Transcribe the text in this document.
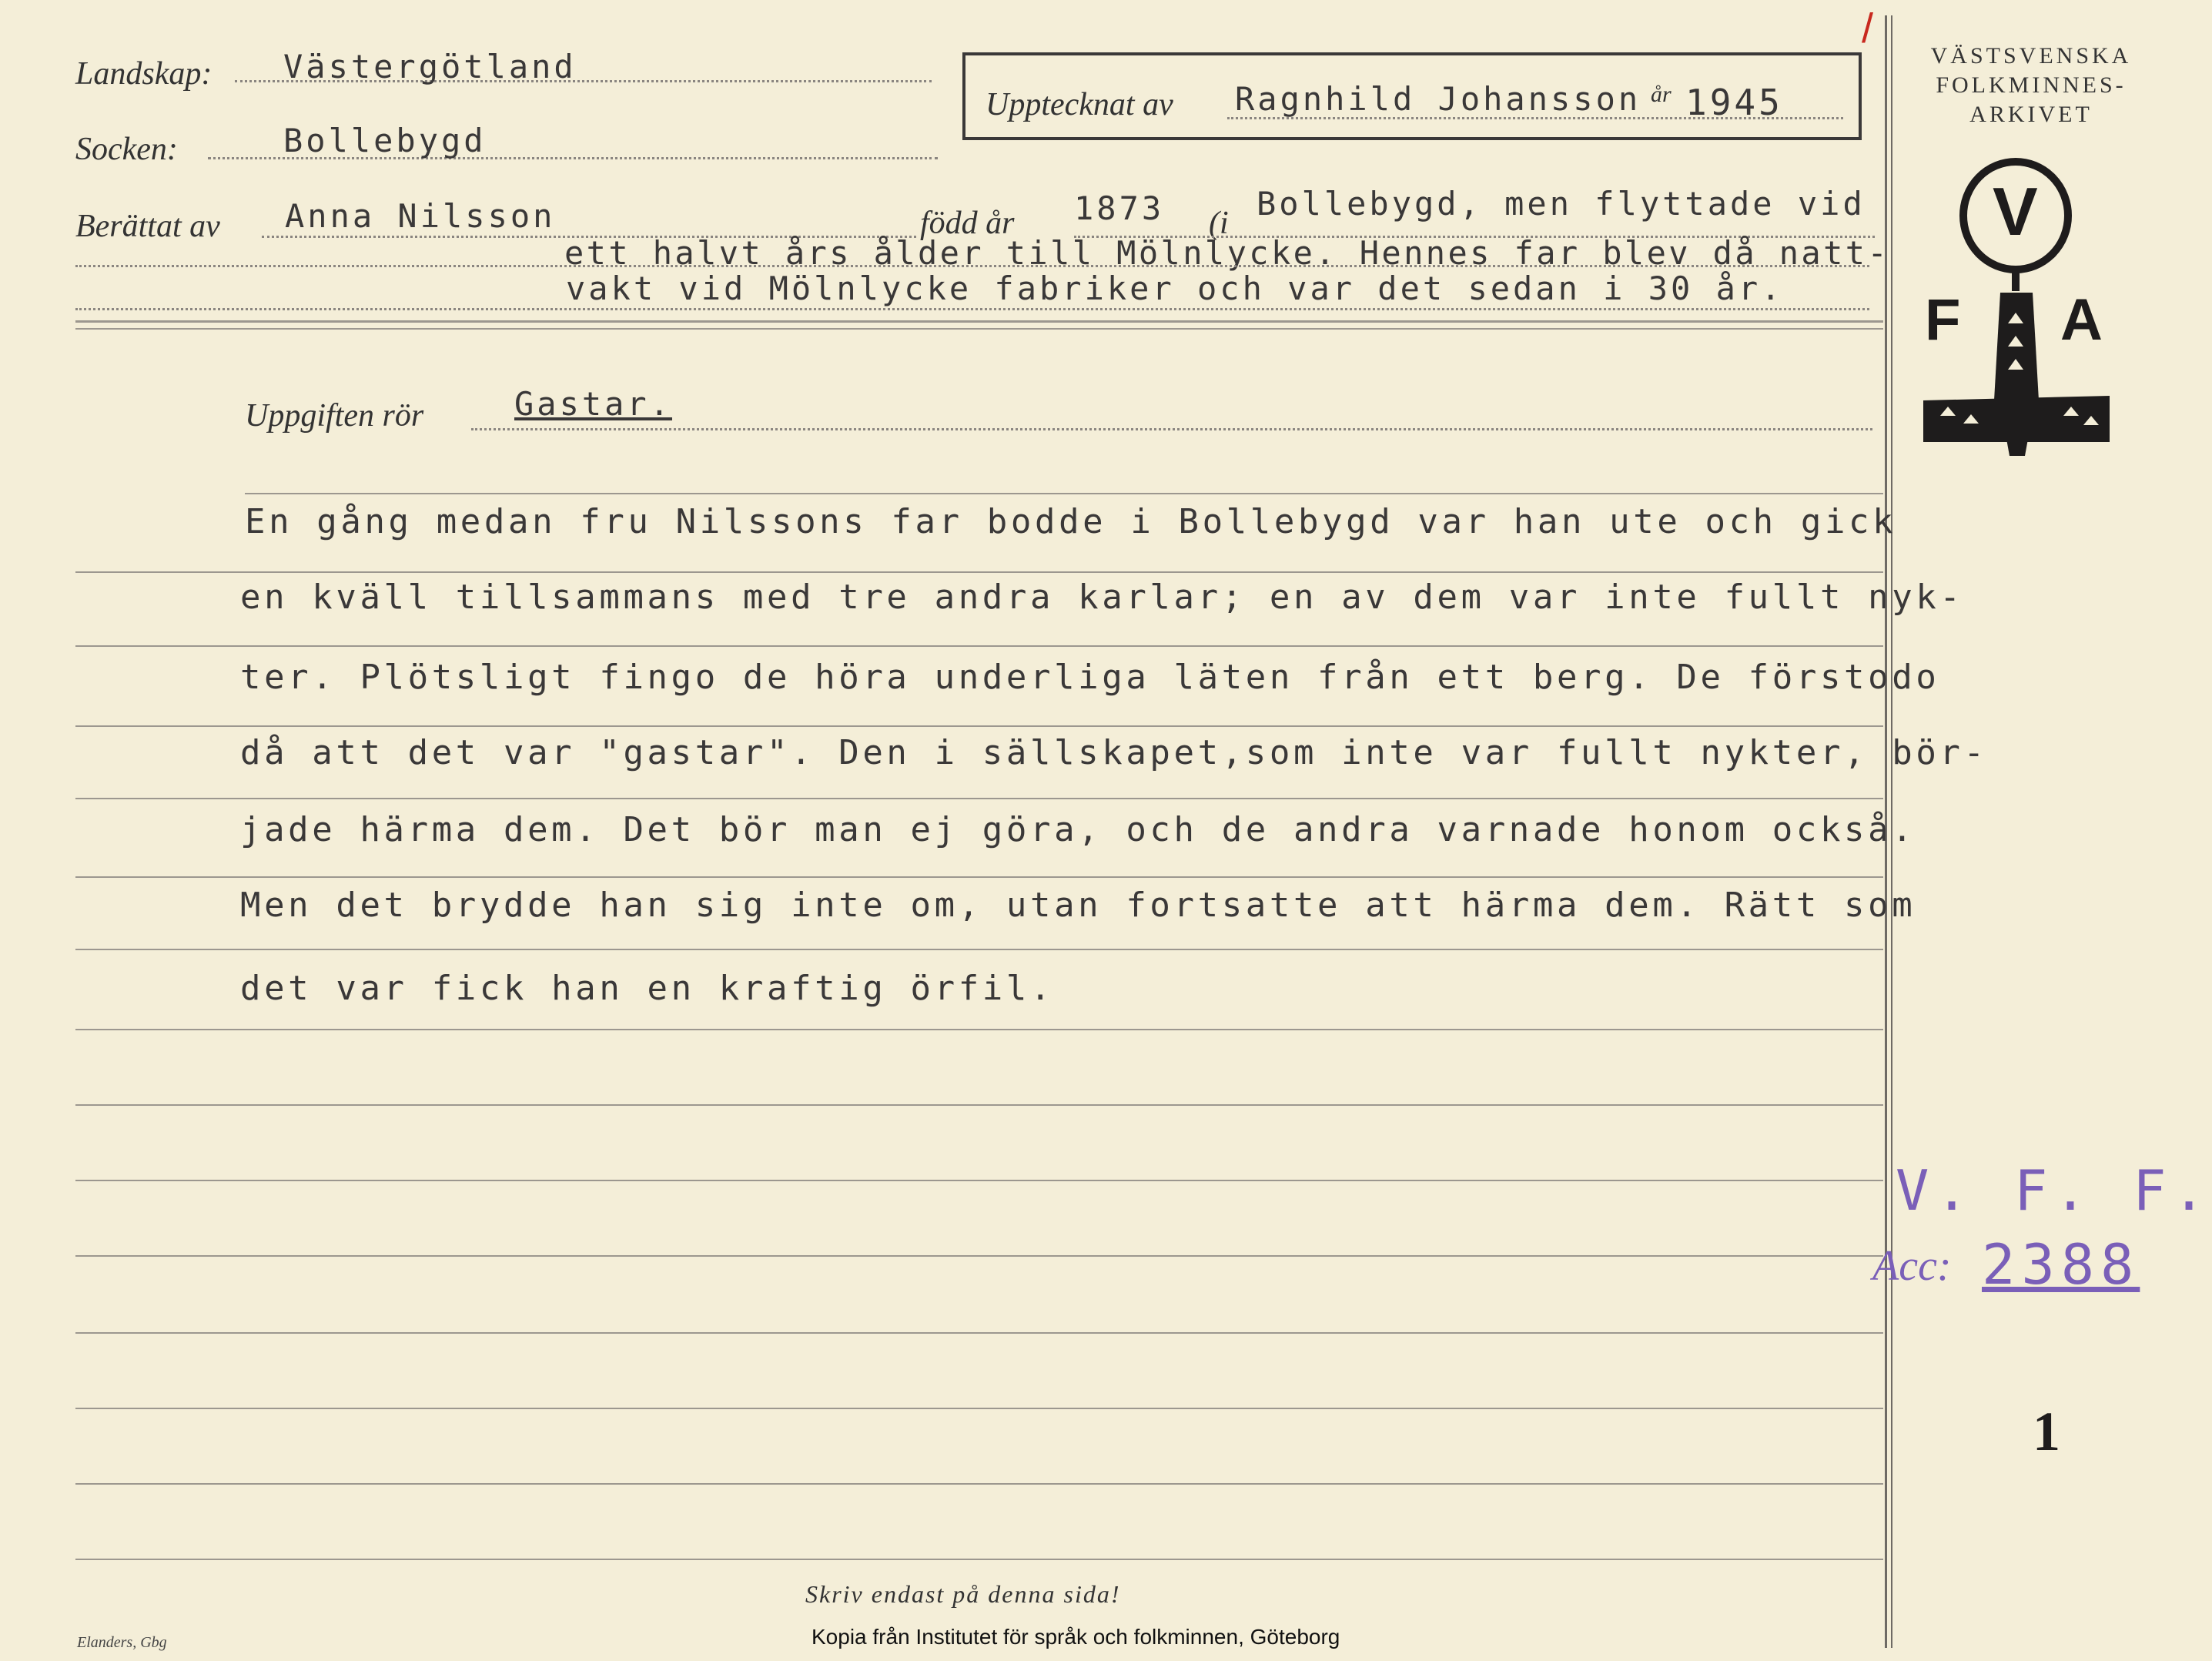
Landskap: Västergötland
Socken:	Bollebygd
Upptecknat av Ragnhild Johansson år 1945
/
Berättat av Anna Nilsson	född år 1873 (i
Bollebygd, men flyttade vid
ett halvt års ålder till Mölnlycke. Hennes far blev då natt-
vakt vid Mölnlycke fabriker och var det sedan i 30 år.
Uppgiften rör	Gastar.
En gång medan fru Nilssons far bodde i Bollebygd var han ute och gick
en kväll tillsammans med tre andra karlar; en av dem var inte fullt nyk-
ter. Plötsligt fingo de höra underliga läten från ett berg. De förstodo
då att det var "gastar". Den i sällskapet,som inte var fullt nykter, bör-
jade härma dem. Det bör man ej göra, och de andra varnade honom också.
Men det brydde han sig inte om, utan fortsatte att härma dem. Rätt som
det var fick han en kraftig örfil.
VÄSTSVENSKA
FOLKMINNES-
ARKIVET
V
F A
V. F. F.
Acc: 2388
1
Skriv endast på denna sida!
Elanders, Gbg	Kopia från Institutet för språk och folkminnen, Göteborg
